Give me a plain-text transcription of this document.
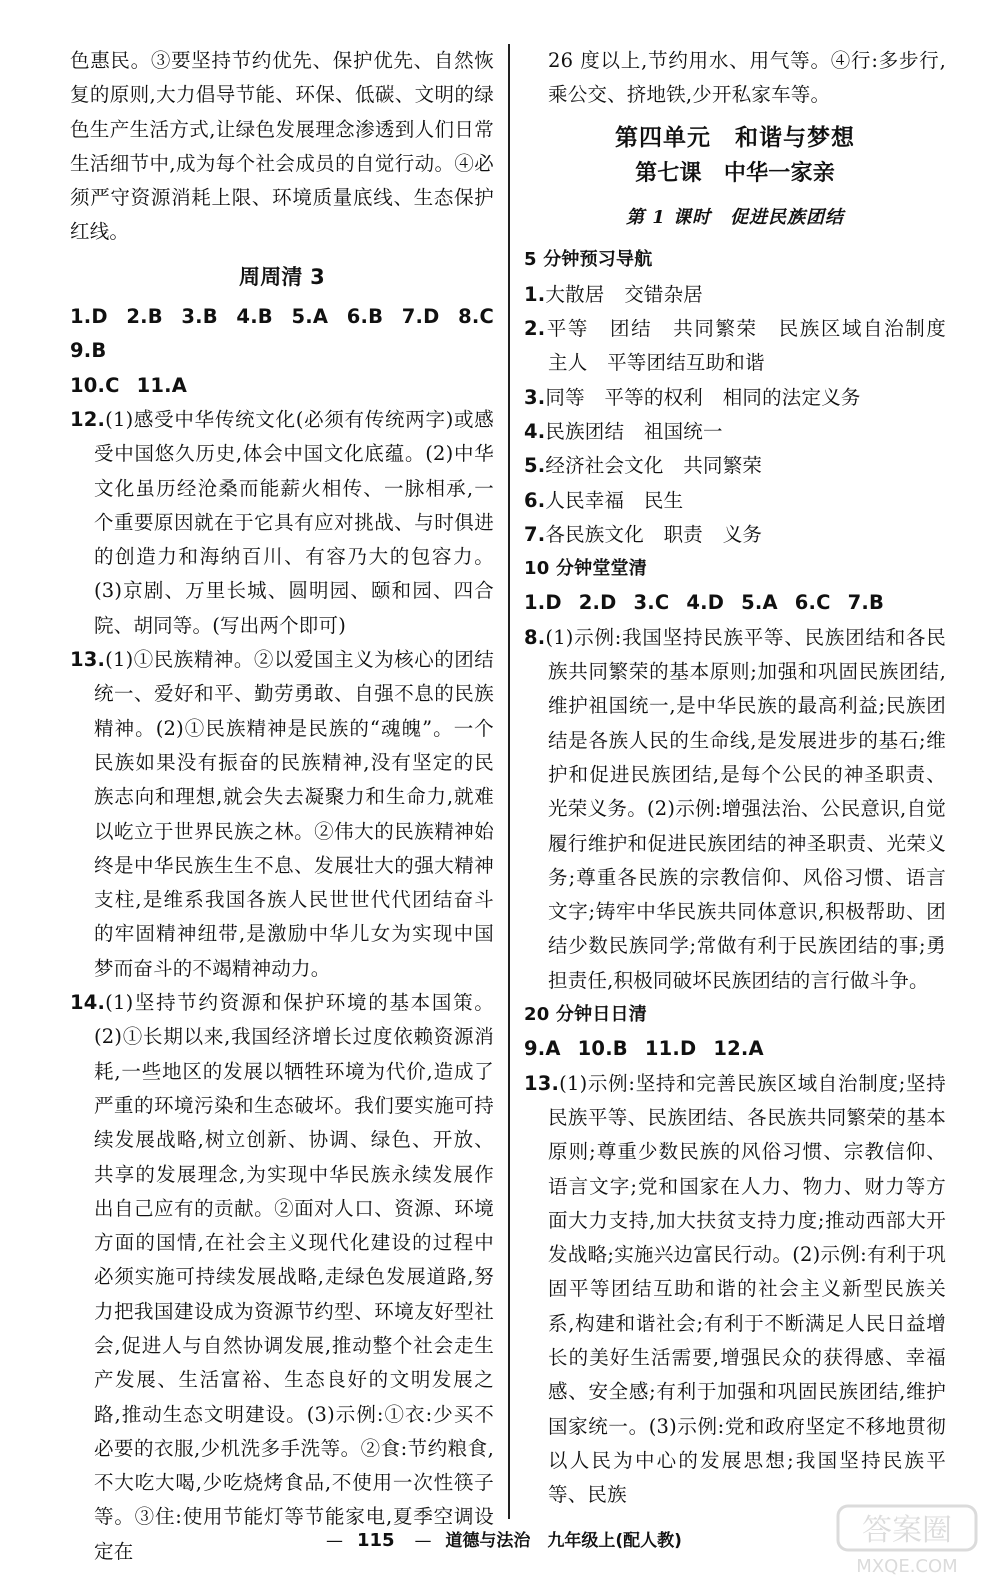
色惠民。③要坚持节约优先、保护优先、自然恢复的原则,大力倡导节能、环保、低碳、文明的绿色生产生活方式,让绿色发展理念渗透到人们日常生活细节中,成为每个社会成员的自觉行动。④必须严守资源消耗上限、环境质量底线、生态保护红线。

周周清 3

1.D 2.B 3.B 4.B 5.A 6.B 7.D 8.C 9.B

10.C 11.A

12.(1)感受中华传统文化(必须有传统两字)或感受中国悠久历史,体会中国文化底蕴。(2)中华文化虽历经沧桑而能薪火相传、一脉相承,一个重要原因就在于它具有应对挑战、与时俱进的创造力和海纳百川、有容乃大的包容力。(3)京剧、万里长城、圆明园、颐和园、四合院、胡同等。(写出两个即可)

13.(1)①民族精神。②以爱国主义为核心的团结统一、爱好和平、勤劳勇敢、自强不息的民族精神。(2)①民族精神是民族的“魂魄”。一个民族如果没有振奋的民族精神,没有坚定的民族志向和理想,就会失去凝聚力和生命力,就难以屹立于世界民族之林。②伟大的民族精神始终是中华民族生生不息、发展壮大的强大精神支柱,是维系我国各族人民世世代代团结奋斗的牢固精神纽带,是激励中华儿女为实现中国梦而奋斗的不竭精神动力。

14.(1)坚持节约资源和保护环境的基本国策。(2)①长期以来,我国经济增长过度依赖资源消耗,一些地区的发展以牺牲环境为代价,造成了严重的环境污染和生态破坏。我们要实施可持续发展战略,树立创新、协调、绿色、开放、共享的发展理念,为实现中华民族永续发展作出自己应有的贡献。②面对人口、资源、环境方面的国情,在社会主义现代化建设的过程中必须实施可持续发展战略,走绿色发展道路,努力把我国建设成为资源节约型、环境友好型社会,促进人与自然协调发展,推动整个社会走生产发展、生活富裕、生态良好的文明发展之路,推动生态文明建设。(3)示例:①衣:少买不必要的衣服,少机洗多手洗等。②食:节约粮食,不大吃大喝,少吃烧烤食品,不使用一次性筷子等。③住:使用节能灯等节能家电,夏季空调设定在

26 度以上,节约用水、用气等。④行:多步行,乘公交、挤地铁,少开私家车等。

第四单元　和谐与梦想
第七课　中华一家亲
第 1 课时　促进民族团结
5 分钟预习导航

1.大散居　交错杂居

2.平等　团结　共同繁荣　民族区域自治制度　主人　平等团结互助和谐

3.同等　平等的权利　相同的法定义务

4.民族团结　祖国统一

5.经济社会文化　共同繁荣

6.人民幸福　民生

7.各民族文化　职责　义务

10 分钟堂堂清

1.D 2.D 3.C 4.D 5.A 6.C 7.B

8.(1)示例:我国坚持民族平等、民族团结和各民族共同繁荣的基本原则;加强和巩固民族团结,维护祖国统一,是中华民族的最高利益;民族团结是各族人民的生命线,是发展进步的基石;维护和促进民族团结,是每个公民的神圣职责、光荣义务。(2)示例:增强法治、公民意识,自觉履行维护和促进民族团结的神圣职责、光荣义务;尊重各民族的宗教信仰、风俗习惯、语言文字;铸牢中华民族共同体意识,积极帮助、团结少数民族同学;常做有利于民族团结的事;勇担责任,积极同破坏民族团结的言行做斗争。

20 分钟日日清

9.A 10.B 11.D 12.A

13.(1)示例:坚持和完善民族区域自治制度;坚持民族平等、民族团结、各民族共同繁荣的基本原则;尊重少数民族的风俗习惯、宗教信仰、语言文字;党和国家在人力、物力、财力等方面大力支持,加大扶贫支持力度;推动西部大开发战略;实施兴边富民行动。(2)示例:有利于巩固平等团结互助和谐的社会主义新型民族关系,构建和谐社会;有利于不断满足人民日益增长的美好生活需要,增强民众的获得感、幸福感、安全感;有利于加强和巩固民族团结,维护国家统一。(3)示例:党和政府坚定不移地贯彻以人民为中心的发展思想;我国坚持民族平等、民族

— 115 — 道德与法治　九年级上(配人教)	答案圈
MXQE.COM
